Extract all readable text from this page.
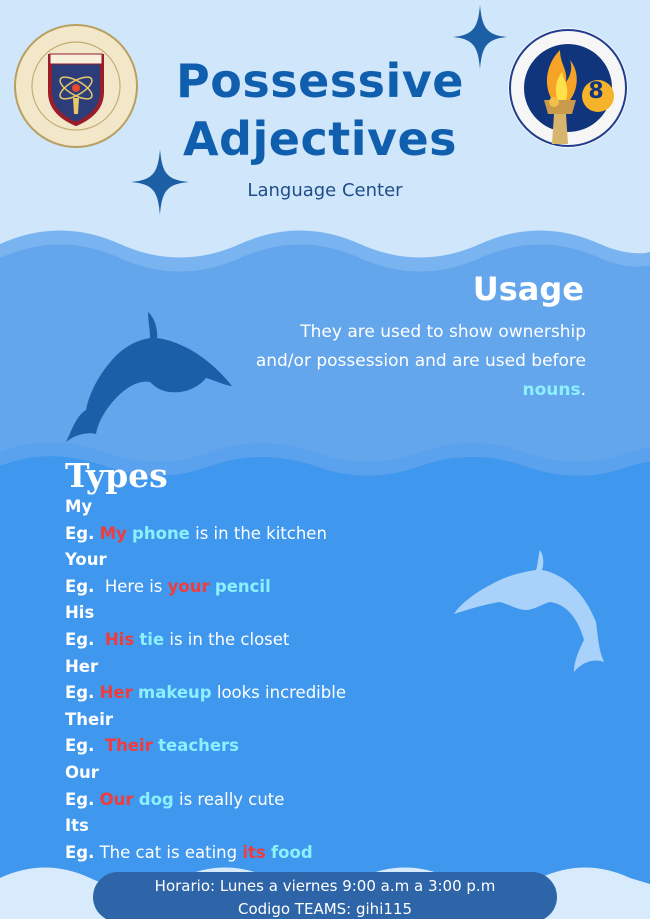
8
Possessive
Adjectives
Language Center
Usage

They are used to show ownership and/or possession and are used before nouns.

Types
My
Eg. My phone is in the kitchen
Your
Eg.  Here is your pencil
His
Eg. His tie is in the closet
Her
Eg. Her makeup looks incredible
Their
Eg. Their teachers
Our
Eg. Our dog is really cute
Its
Eg. The cat is eating its food
Horario: Lunes a viernes 9:00 a.m a 3:00 p.m
Codigo TEAMS: gihi115
